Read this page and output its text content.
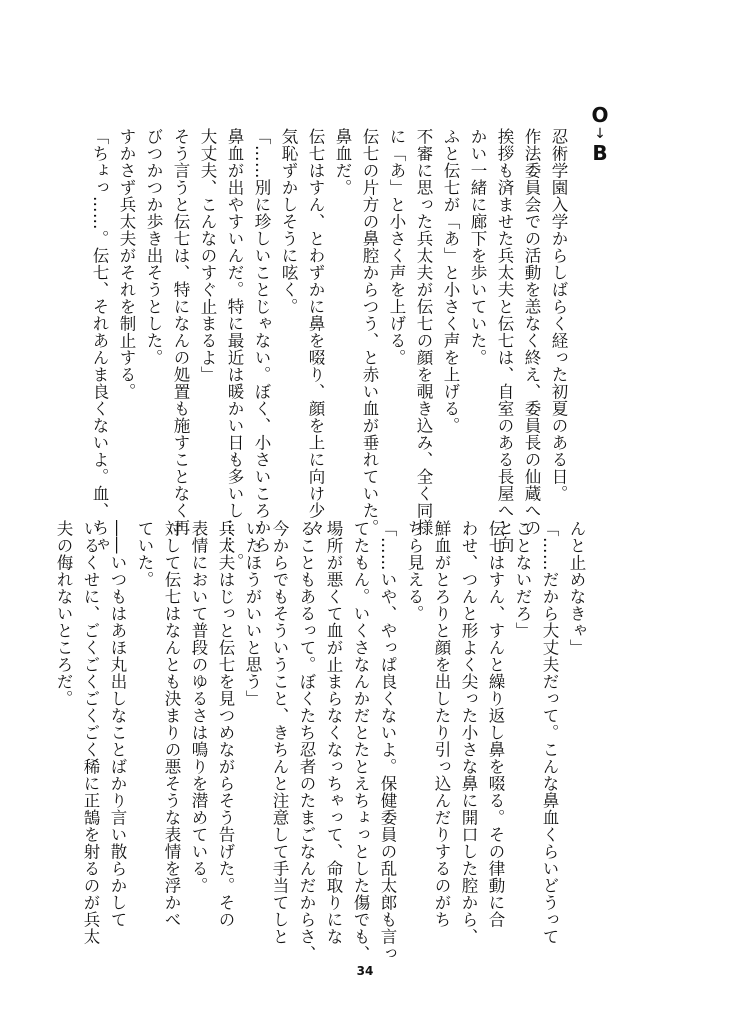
O
↓
B

忍術学園入学からしばらく経った初夏のある日。

作法委員会での活動を恙なく終え、委員長の仙蔵への

挨拶も済ませた兵太夫と伝七は、自室のある長屋へと向

かい一緒に廊下を歩いていた。

ふと伝七が「あ」と小さく声を上げる。

不審に思った兵太夫が伝七の顔を覗き込み、全く同様

に「あ」と小さく声を上げる。

伝七の片方の鼻腔からつう、と赤い血が垂れていた。

鼻血だ。

伝七はすん、とわずかに鼻を啜り、顔を上に向け少々

気恥ずかしそうに呟く。

「……別に珍しいことじゃない。ぼく、小さいころから

鼻血が出やすいんだ。特に最近は暖かい日も多いし……。

大丈夫、こんなのすぐ止まるよ」

そう言うと伝七は、特になんの処置も施すことなく再

びつかつか歩き出そうとした。

すかさず兵太夫がそれを制止する。

「ちょっ……。伝七、それあんま良くないよ。血、ちゃ

んと止めなきゃ」

「……だから大丈夫だって。こんな鼻血くらいどうって

ことないだろ」

伝七はすん、すんと繰り返し鼻を啜る。その律動に合

わせ、つんと形よく尖った小さな鼻に開口した腔から、

鮮血がとろりと顔を出したり引っ込んだりするのがち

ちら見える。

「……いや、やっぱ良くないよ。保健委員の乱太郎も言っ

てたもん。いくさなんかだとたとえちょっとした傷でも、

場所が悪くて血が止まらなくなっちゃって、命取りにな

ることもあるって。ぼくたち忍者のたまごなんだからさ、

今からでもそういうこと、きちんと注意して手当てしと

いたほうがいいと思う」

兵太夫はじっと伝七を見つめながらそう告げた。その

表情において普段のゆるさは鳴りを潜めている。

対して伝七はなんとも決まりの悪そうな表情を浮かべ

ていた。

――いつもはあほ丸出しなことばかり言い散らかして

いるくせに、ごくごくごくごく稀に正鵠を射るのが兵太

夫の侮れないところだ。

34
